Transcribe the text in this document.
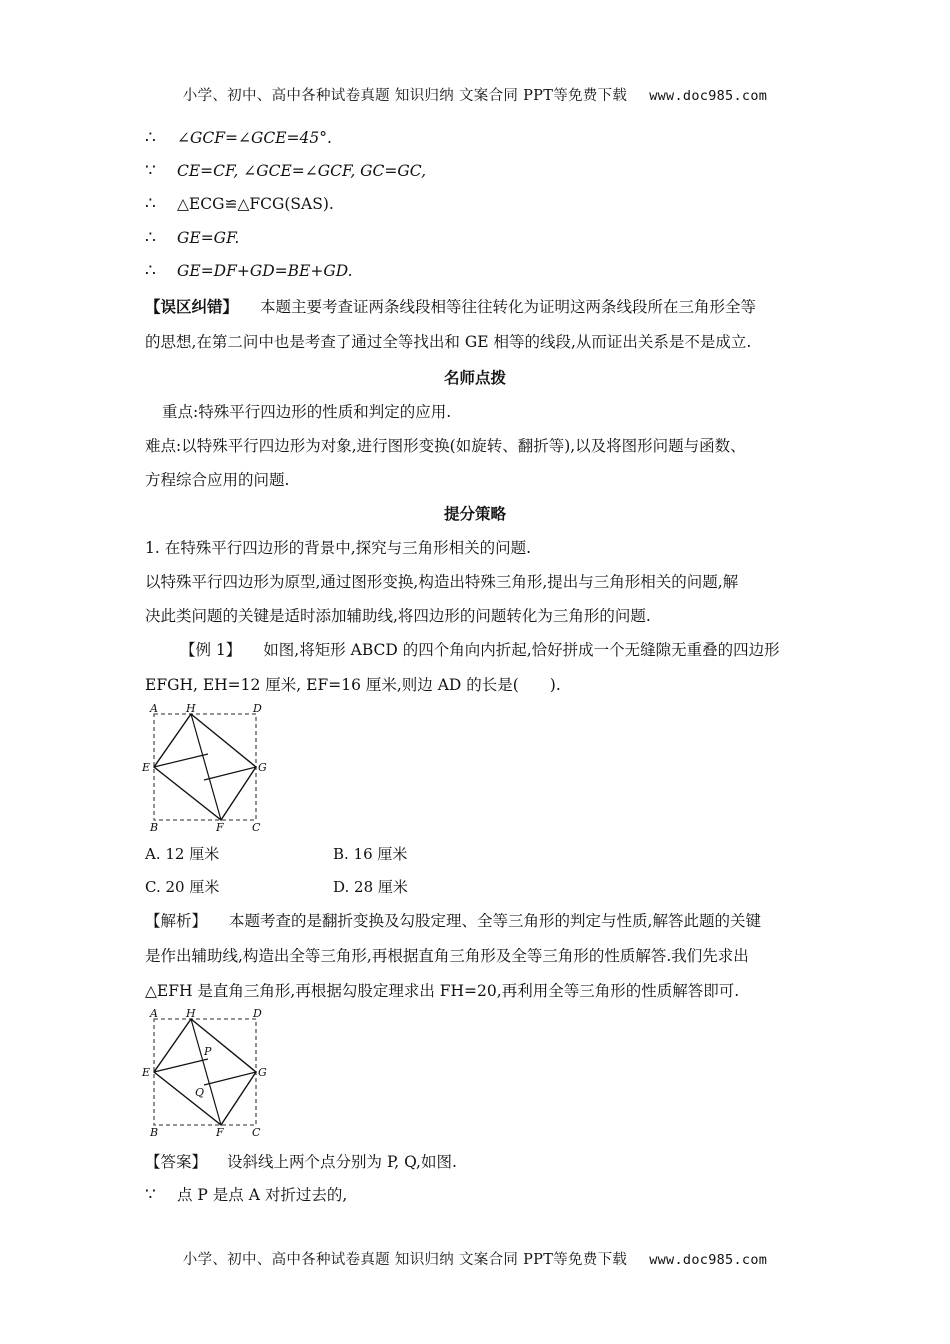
小学、初中、高中各种试卷真题 知识归纳 文案合同 PPT等免费下载 www.doc985.com
∴ ∠GCF=∠GCE=45°.
∵ CE=CF, ∠GCE=∠GCF, GC=GC,
∴ △ECG≌△FCG(SAS).
∴ GE=GF.
∴ GE=DF+GD=BE+GD.
【误区纠错】 本题主要考查证两条线段相等往往转化为证明这两条线段所在三角形全等
的思想,在第二问中也是考查了通过全等找出和 GE 相等的线段,从而证出关系是不是成立.
名师点拨
重点:特殊平行四边形的性质和判定的应用.
难点:以特殊平行四边形为对象,进行图形变换(如旋转、翻折等),以及将图形问题与函数、
方程综合应用的问题.
提分策略
1. 在特殊平行四边形的背景中,探究与三角形相关的问题.
以特殊平行四边形为原型,通过图形变换,构造出特殊三角形,提出与三角形相关的问题,解
决此类问题的关键是适时添加辅助线,将四边形的问题转化为三角形的问题.
【例 1】 如图,将矩形 ABCD 的四个角向内折起,恰好拼成一个无缝隙无重叠的四边形
EFGH, EH=12 厘米, EF=16 厘米,则边 AD 的长是(　　).
A	H	D
E	G
B	F	C
A. 12 厘米	B. 16 厘米
C. 20 厘米	D. 28 厘米
【解析】 本题考查的是翻折变换及勾股定理、全等三角形的判定与性质,解答此题的关键
是作出辅助线,构造出全等三角形,再根据直角三角形及全等三角形的性质解答.我们先求出
△EFH 是直角三角形,再根据勾股定理求出 FH=20,再利用全等三角形的性质解答即可.
A	H	D
E	G
B	F	C
P
Q
【答案】 设斜线上两个点分别为 P, Q,如图.
∵ 点 P 是点 A 对折过去的,
小学、初中、高中各种试卷真题 知识归纳 文案合同 PPT等免费下载 www.doc985.com
